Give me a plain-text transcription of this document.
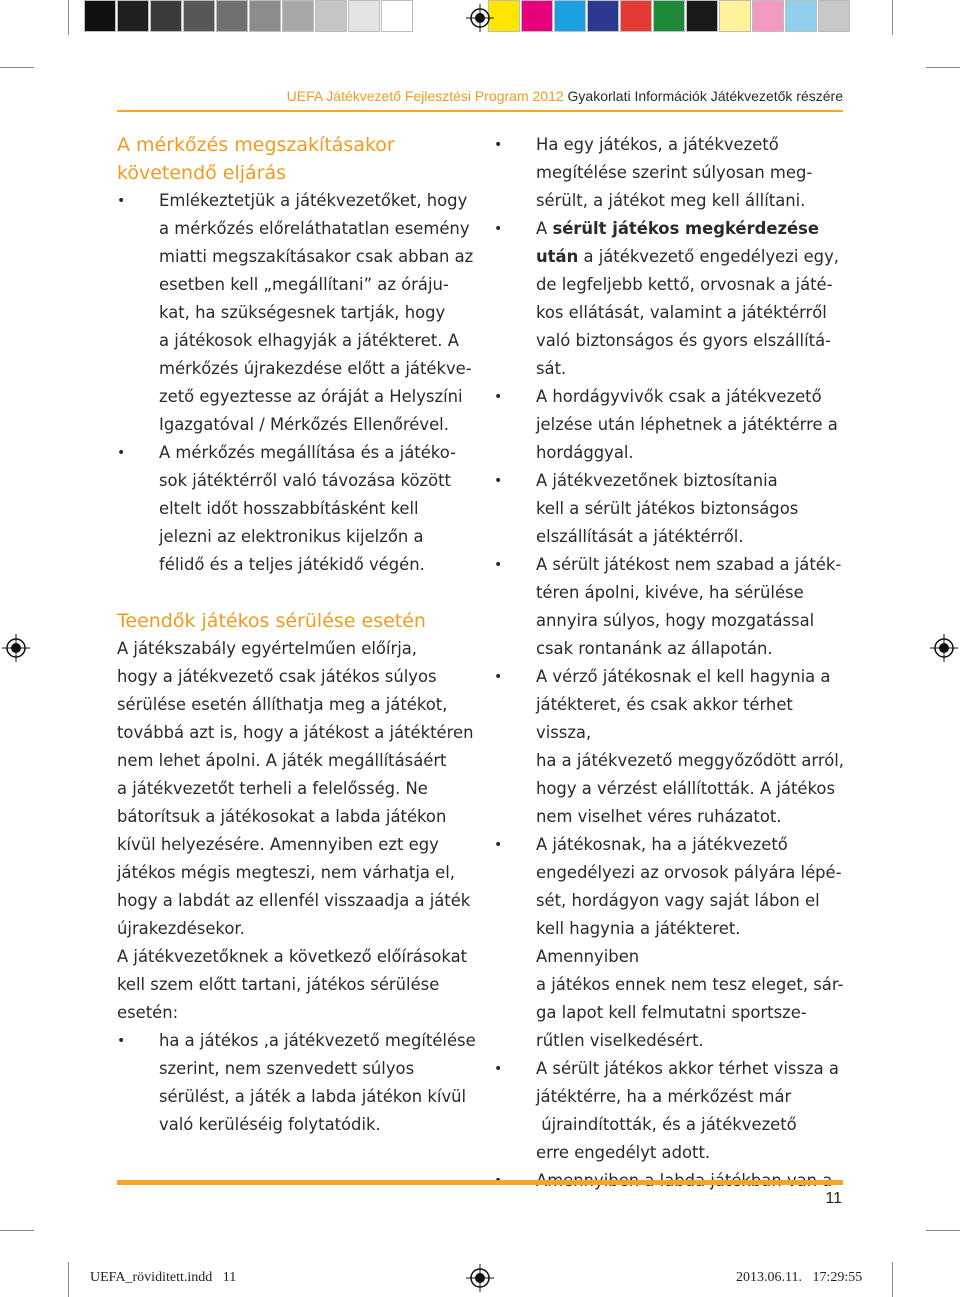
UEFA Játékvezető Fejlesztési Program 2012 Gyakorlati Információk Játékvezetők részére
A mérkőzés megszakításakor
követendő eljárás
• Emlékeztetjük a játékvezetőket, hogy
a mérkőzés előreláthatatlan esemény
miatti megszakításakor csak abban az
esetben kell „megállítani” az óráju-
kat, ha szükségesnek tartják, hogy
a játékosok elhagyják a játékteret. A
mérkőzés újrakezdése előtt a játékve-
zető egyeztesse az óráját a Helyszíni
Igazgatóval / Mérkőzés Ellenőrével.
• A mérkőzés megállítása és a játéko-
sok játéktérről való távozása között
eltelt időt hosszabbításként kell
jelezni az elektronikus kijelzőn a
félidő és a teljes játékidő végén.
Teendők játékos sérülése esetén

A játékszabály egyértelműen előírja,
hogy a játékvezető csak játékos súlyos
sérülése esetén állíthatja meg a játékot,
továbbá azt is, hogy a játékost a játéktéren
nem lehet ápolni. A játék megállításáért
a játékvezetőt terheli a felelősség. Ne
bátorítsuk a játékosokat a labda játékon
kívül helyezésére. Amennyiben ezt egy
játékos mégis megteszi, nem várhatja el,
hogy a labdát az ellenfél visszaadja a játék
újrakezdésekor.

A játékvezetőknek a következő előírásokat
kell szem előtt tartani, játékos sérülése
esetén:

• ha a játékos ,a játékvezető megítélése
szerint, nem szenvedett súlyos
sérülést, a játék a labda játékon kívül
való kerüléséig folytatódik.
• Ha egy játékos, a játékvezető
megítélése szerint súlyosan meg-
sérült, a játékot meg kell állítani.
• A sérült játékos megkérdezése
után a játékvezető engedélyezi egy,
de legfeljebb kettő, orvosnak a játé-
kos ellátását, valamint a játéktérről
való biztonságos és gyors elszállítá-
sát.
• A hordágyvivők csak a játékvezető
jelzése után léphetnek a játéktérre a
hordággyal.
• A játékvezetőnek biztosítania
kell a sérült játékos biztonságos
elszállítását a játéktérről.
• A sérült játékost nem szabad a játék-
téren ápolni, kivéve, ha sérülése
annyira súlyos, hogy mozgatással
csak rontanánk az állapotán.
• A vérző játékosnak el kell hagynia a
játékteret, és csak akkor térhet vissza,
ha a játékvezető meggyőződött arról,
hogy a vérzést elállították. A játékos
nem viselhet véres ruházatot.
• A játékosnak, ha a játékvezető
engedélyezi az orvosok pályára lépé-
sét, hordágyon vagy saját lábon el
kell hagynia a játékteret. Amennyiben
a játékos ennek nem tesz eleget, sár-
ga lapot kell felmutatni sportsze-
rűtlen viselkedésért.
• A sérült játékos akkor térhet vissza a
játéktérre, ha a mérkőzést már
újraindították, és a játékvezető
erre engedélyt adott.
11
UEFA_röviditett.indd   11	2013.06.11.   17:29:55
